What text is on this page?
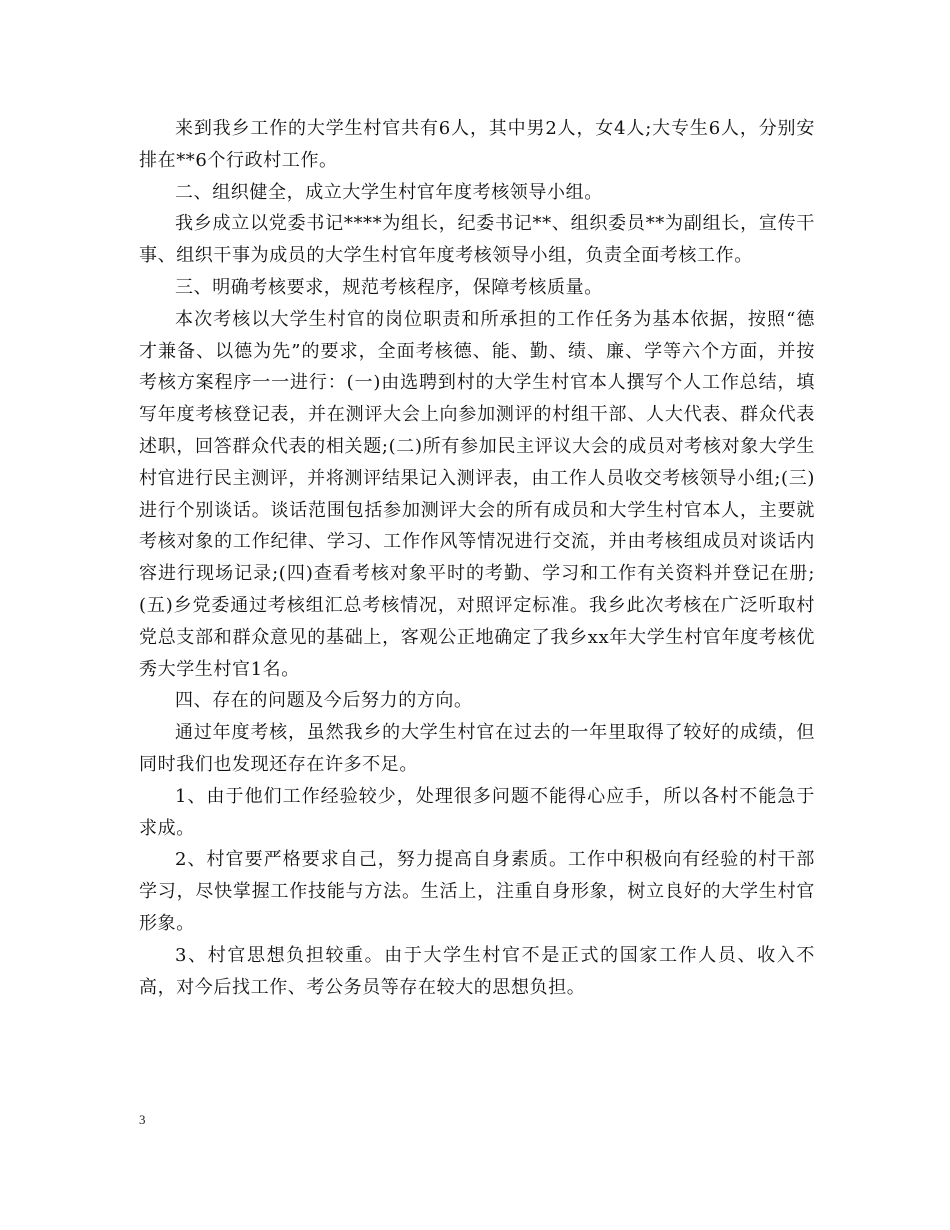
来到我乡工作的大学生村官共有6人，其中男2人，女4人;大专生6人，分别安排在**6个行政村工作。

二、组织健全，成立大学生村官年度考核领导小组。

我乡成立以党委书记****为组长，纪委书记**、组织委员**为副组长，宣传干事、组织干事为成员的大学生村官年度考核领导小组，负责全面考核工作。

三、明确考核要求，规范考核程序，保障考核质量。

本次考核以大学生村官的岗位职责和所承担的工作任务为基本依据，按照“德才兼备、以德为先”的要求，全面考核德、能、勤、绩、廉、学等六个方面，并按考核方案程序一一进行：(一)由选聘到村的大学生村官本人撰写个人工作总结，填写年度考核登记表，并在测评大会上向参加测评的村组干部、人大代表、群众代表述职，回答群众代表的相关题;(二)所有参加民主评议大会的成员对考核对象大学生村官进行民主测评，并将测评结果记入测评表，由工作人员收交考核领导小组;(三)进行个别谈话。谈话范围包括参加测评大会的所有成员和大学生村官本人，主要就考核对象的工作纪律、学习、工作作风等情况进行交流，并由考核组成员对谈话内容进行现场记录;(四)查看考核对象平时的考勤、学习和工作有关资料并登记在册;(五)乡党委通过考核组汇总考核情况，对照评定标准。我乡此次考核在广泛听取村党总支部和群众意见的基础上，客观公正地确定了我乡xx年大学生村官年度考核优秀大学生村官1名。

四、存在的问题及今后努力的方向。

通过年度考核，虽然我乡的大学生村官在过去的一年里取得了较好的成绩，但同时我们也发现还存在许多不足。

1、由于他们工作经验较少，处理很多问题不能得心应手，所以各村不能急于求成。

2、村官要严格要求自己，努力提高自身素质。工作中积极向有经验的村干部学习，尽快掌握工作技能与方法。生活上，注重自身形象，树立良好的大学生村官形象。

3、村官思想负担较重。由于大学生村官不是正式的国家工作人员、收入不高，对今后找工作、考公务员等存在较大的思想负担。

3
